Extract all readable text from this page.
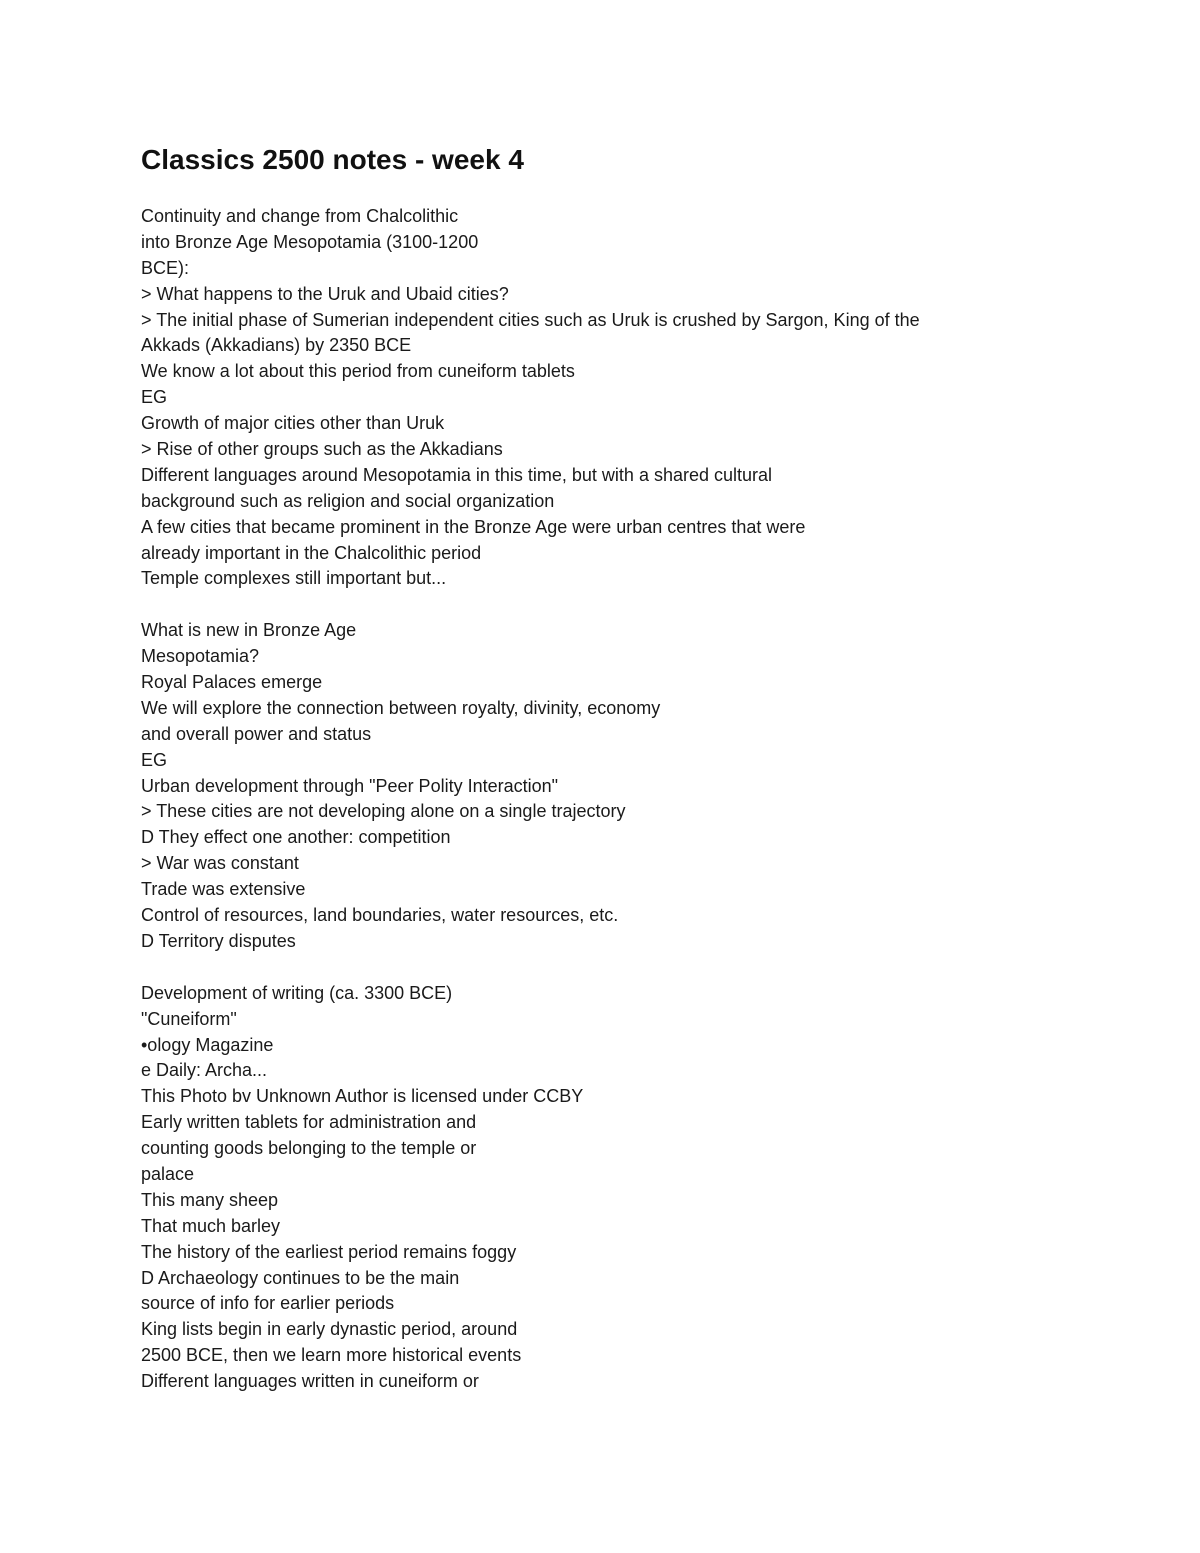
Classics 2500 notes - week 4
Continuity and change from Chalcolithic
into Bronze Age Mesopotamia (3100-1200
BCE):
> What happens to the Uruk and Ubaid cities?
> The initial phase of Sumerian independent cities such as Uruk is crushed by Sargon, King of the
Akkads (Akkadians) by 2350 BCE
We know a lot about this period from cuneiform tablets
EG
Growth of major cities other than Uruk
> Rise of other groups such as the Akkadians
Different languages around Mesopotamia in this time, but with a shared cultural
background such as religion and social organization
A few cities that became prominent in the Bronze Age were urban centres that were
already important in the Chalcolithic period
Temple complexes still important but...

What is new in Bronze Age
Mesopotamia?
Royal Palaces emerge
We will explore the connection between royalty, divinity, economy
and overall power and status
EG
Urban development through "Peer Polity Interaction"
> These cities are not developing alone on a single trajectory
D They effect one another: competition
> War was constant
Trade was extensive
Control of resources, land boundaries, water resources, etc.
D Territory disputes

Development of writing (ca. 3300 BCE)
"Cuneiform"
•ology Magazine
e Daily: Archa...
This Photo bv Unknown Author is licensed under CCBY
Early written tablets for administration and
counting goods belonging to the temple or
palace
This many sheep
That much barley
The history of the earliest period remains foggy
D Archaeology continues to be the main
source of info for earlier periods
King lists begin in early dynastic period, around
2500 BCE, then we learn more historical events
Different languages written in cuneiform or
